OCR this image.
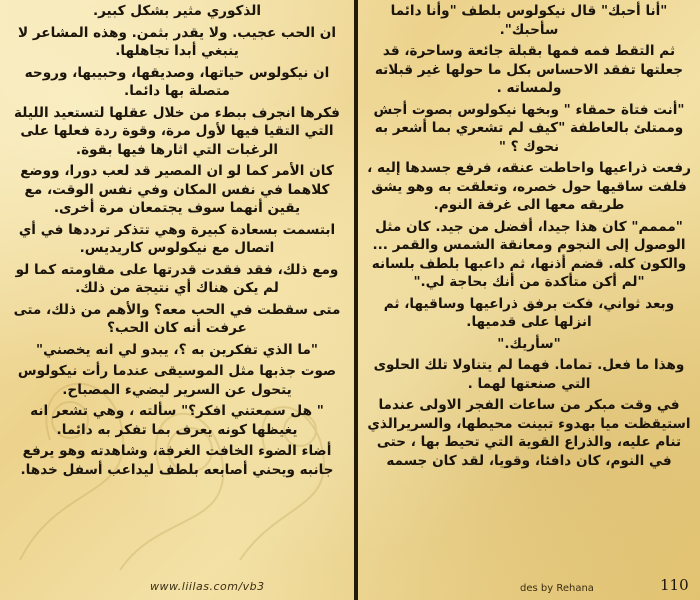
الذكوري مثير بشكل كبير.

ان الحب عجيب. ولا يقدر بثمن. وهذه المشاعر لا ينبغي أبدا تجاهلها.

ان نيكولوس حياتها، وصديقها، وحبيبها، وروحه متصلة بها دائما.

فكرها انجرف ببطء من خلال عقلها لتستعيد الليلة التي التقيا فيها لأول مرة، وقوة ردة فعلها على الرغبات التي اثارها فيها بقوة.

كان الأمر كما لو ان المصير قد لعب دورا، ووضع كلاهما في نفس المكان وفي نفس الوقت، مع يقين أنهما سوف يجتمعان مرة أخرى.

ابتسمت بسعادة كبيرة وهي تتذكر ترددها في أي اتصال مع نيكولوس كاريديس.

ومع ذلك، فقد فقدت قدرتها على مقاومته كما لو لم يكن هناك أي نتيجة من ذلك.

متى سقطت في الحب معه؟ والأهم من ذلك، متى عرفت أنه كان الحب؟

"ما الذي تفكرين به ؟، يبدو لي انه يخصني"

صوت جذبها مثل الموسيقى عندما رأت نيكولوس يتحول عن السرير ليضيء المصباح.

" هل سمعتني افكر؟" سألته ، وهي تشعر انه يغيظها كونه يعرف بما تفكر به دائما.

أضاء الضوء الخافت الغرفة، وشاهدته وهو يرفع جانبه ويحني أصابعه بلطف ليداعب أسفل خدها.

"أنا أحبك" قال نيكولوس بلطف "وأنا دائما سأحبك".

ثم التقط فمه فمها بقبلة جائعة وساحرة، قد جعلتها تفقد الاحساس بكل ما حولها غير قبلاته ولمساته .

"أنت فتاة حمقاء " وبخها نيكولوس بصوت أجش وممتلئ بالعاطفة "كيف لم تشعري بما أشعر به نحوك ؟ "

رفعت ذراعيها واحاطت عنقه، فرفع جسدها إليه ، فلفت ساقيها حول خصره، وتعلقت به وهو يشق طريقه معها الى غرفة النوم.

"مممم" كان هذا جيدا، أفضل من جيد. كان مثل الوصول إلى النجوم ومعانقة الشمس والقمر ... والكون كله. قضم أذنها، ثم داعبها بلطف بلسانه "لم أكن متأكدة من أنك بحاجة لي."

وبعد ثواني، فكت برفق ذراعيها وساقيها، ثم انزلها على قدميها.

"سأريك."

وهذا ما فعل. تماما. فهما لم يتناولا تلك الحلوى التي صنعتها لهما .

في وقت مبكر من ساعات الفجر الاولى عندما استيقظت ميا بهدوء تبينت محيطها، والسريرالذي تنام عليه، والذراع القوية التي تحيط بها ، حتى في النوم، كان دافئا، وقويا، لقد كان جسمه

www.liilas.com/vb3	des by Rehana	110
